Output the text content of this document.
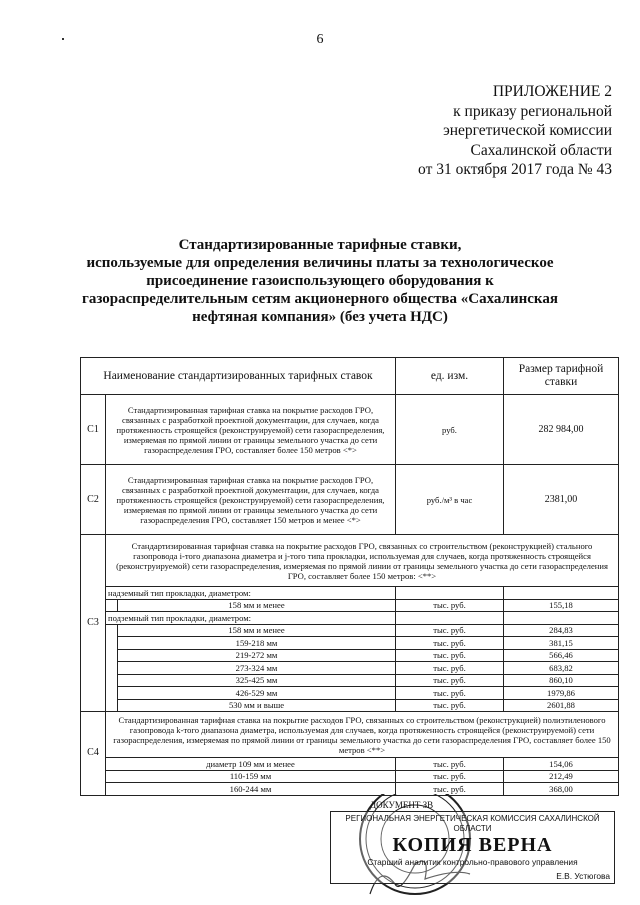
6
ПРИЛОЖЕНИЕ 2
к приказу региональной
энергетической комиссии
Сахалинской области
от 31 октября 2017 года № 43
Стандартизированные тарифные ставки,
используемые для определения величины платы за технологическое
присоединение газоиспользующего оборудования к
газораспределительным сетям акционерного общества «Сахалинская
нефтяная компания» (без учета НДС)
Наименование стандартизированных тарифных ставок			ед. изм.	Размер тарифной ставки
С1	Стандартизированная тарифная ставка на покрытие расходов ГРО, связанных с разработкой проектной документации, для случаев, когда протяженность строящейся (реконструируемой) сети газораспределения, измеряемая по прямой линии от границы земельного участка до сети газораспределения ГРО, составляет более 150 метров <*>		руб.	282 984,00
С2	Стандартизированная тарифная ставка на покрытие расходов ГРО, связанных с разработкой проектной документации, для случаев, когда протяженность строящейся (реконструируемой) сети газораспределения, измеряемая по прямой линии от границы земельного участка до сети газораспределения ГРО, составляет 150 метров и менее <*>		руб./м³ в час	2381,00
С3	Стандартизированная тарифная ставка на покрытие расходов ГРО, связанных со строительством (реконструкцией) стального газопровода i-того диапазона диаметра и j-того типа прокладки, используемая для случаев, когда протяженность строящейся (реконструируемой) сети газораспределения, измеряемая по прямой линии от границы земельного участка до сети газораспределения ГРО, составляет более 150 метров: <**>			
	надземный тип прокладки, диаметром:			
		158 мм и менее	тыс. руб.	155,18
	подземный тип прокладки, диаметром:			
		158 мм и менее	тыс. руб.	284,83
		159-218 мм	тыс. руб.	381,15
		219-272 мм	тыс. руб.	566,46
		273-324 мм	тыс. руб.	683,82
		325-425 мм	тыс. руб.	860,10
		426-529 мм	тыс. руб.	1979,86
		530 мм и выше	тыс. руб.	2601,88
С4	Стандартизированная тарифная ставка на покрытие расходов ГРО, связанных со строительством (реконструкцией) полиэтиленового газопровода k-того диапазона диаметра, используемая для случаев, когда протяженность строящейся (реконструируемой) сети газораспределения, измеряемая по прямой линии от границы земельного участка до сети газораспределения ГРО, составляет более 150 метров <**>			
	диаметр 109 мм и менее		тыс. руб.	154,06
	110-159 мм		тыс. руб.	212,49
	160-244 мм		тыс. руб.	368,00
ДОКУМЕНТ ЗВ
РЕГИОНАЛЬНАЯ ЭНЕРГЕТИЧЕСКАЯ КОМИССИЯ САХАЛИНСКОЙ ОБЛАСТИ
КОПИЯ ВЕРНА
Старший аналитик контрольно-правового управления
Е.В. Устюгова
